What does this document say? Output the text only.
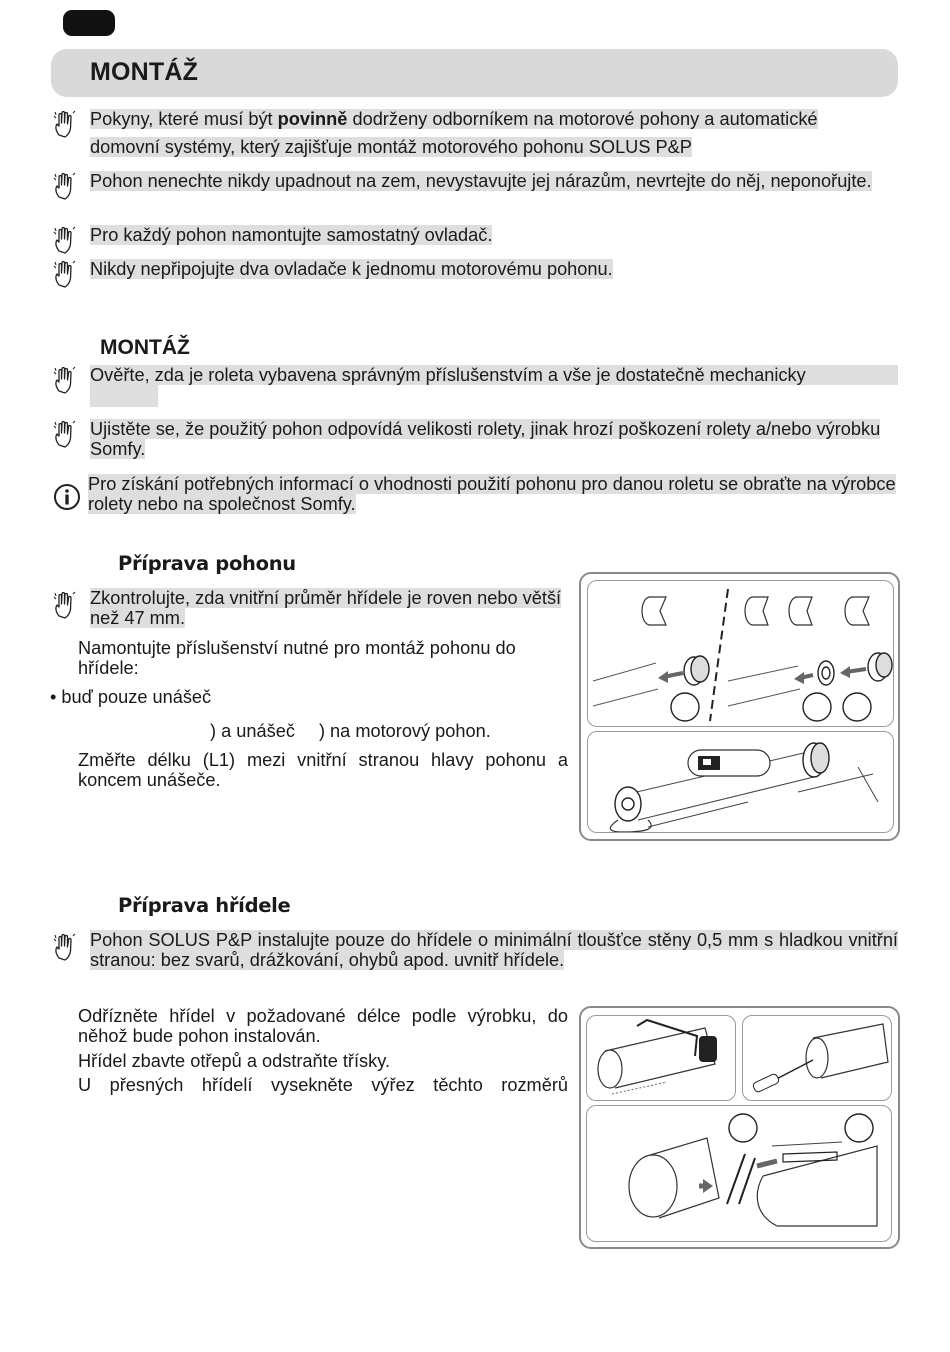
MONTÁŽ
Pokyny, které musí být povinně dodrženy odborníkem na motorové pohony a automatické
domovní systémy, který zajišťuje montáž motorového pohonu SOLUS P&P
Pohon nenechte nikdy upadnout na zem, nevystavujte jej nárazům, nevrtejte do něj, neponořujte.
Pro každý pohon namontujte samostatný ovladač.
Nikdy nepřipojujte dva ovladače k jednomu motorovému pohonu.
MONTÁŽ
Ověřte, zda je roleta vybavena správným příslušenstvím a vše je dostatečně mechanicky
Ujistěte se, že použitý pohon odpovídá velikosti rolety, jinak hrozí poškození rolety a/nebo výrobku Somfy.
Pro získání potřebných informací o vhodnosti použití pohonu pro danou roletu se obraťte na výrobce rolety nebo na společnost Somfy.
Příprava pohonu
Zkontrolujte, zda vnitřní průměr hřídele je roven nebo větší než 47 mm.
Namontujte příslušenství nutné pro montáž pohonu do hřídele:
• buď pouze unášeč
) a unášeč ) na motorový pohon.
Změřte délku (L1) mezi vnitřní stranou hlavy pohonu a koncem unášeče.
Příprava hřídele
Pohon SOLUS P&P instalujte pouze do hřídele o minimální tloušťce stěny 0,5 mm s hladkou vnitřní stranou: bez svarů, drážkování, ohybů apod. uvnitř hřídele.
Odřízněte hřídel v požadované délce podle výrobku, do něhož bude pohon instalován.
Hřídel zbavte otřepů a odstraňte třísky.
U přesných hřídelí vysekněte výřez těchto rozměrů
